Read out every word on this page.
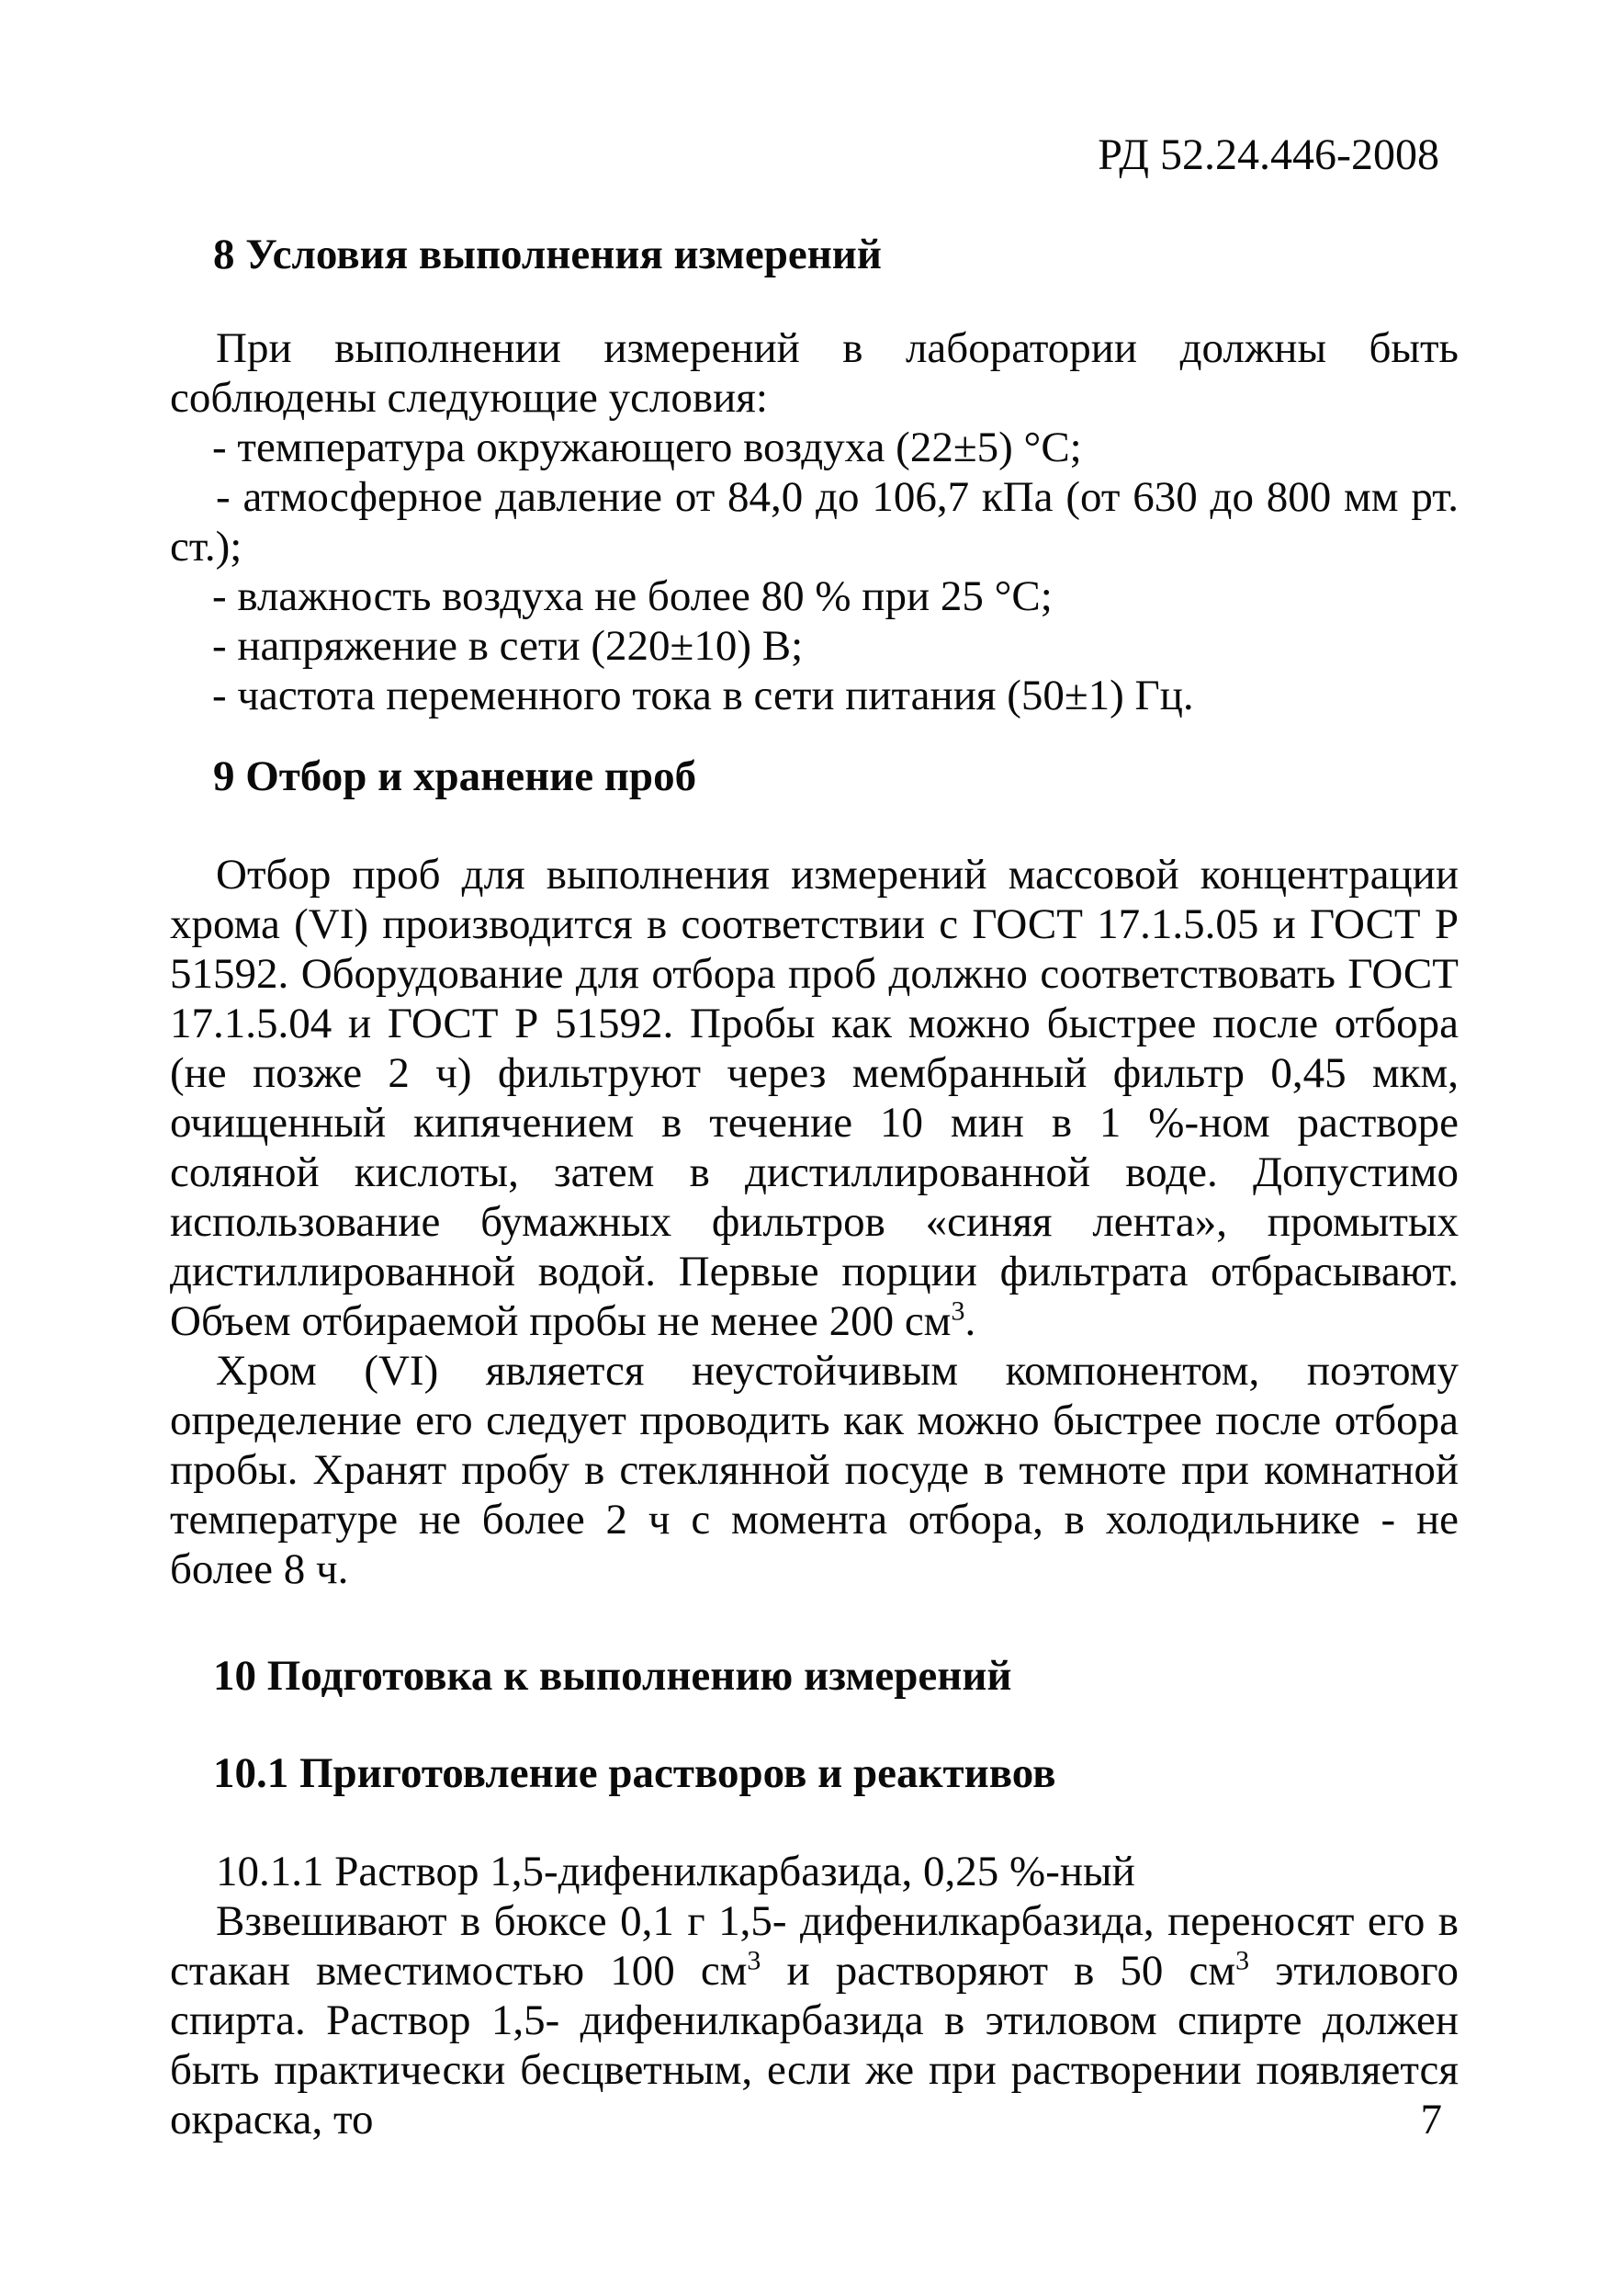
РД 52.24.446-2008
8 Условия выполнения измерений

При выполнении измерений в лаборатории должны быть соблюдены следующие условия:

- температура окружающего воздуха (22±5) °С;

- атмосферное давление от 84,0 до 106,7 кПа (от 630 до 800 мм рт. ст.);

- влажность воздуха не более 80 % при 25 °С;

- напряжение в сети (220±10) В;

- частота переменного тока в сети питания (50±1) Гц.

9 Отбор и хранение проб

Отбор проб для выполнения измерений массовой концентрации хрома (VI) производится в соответствии с ГОСТ 17.1.5.05 и ГОСТ Р 51592. Оборудование для отбора проб должно соответствовать ГОСТ 17.1.5.04 и ГОСТ Р 51592. Пробы как можно быстрее после отбора (не позже 2 ч) фильтруют через мембранный фильтр 0,45 мкм, очищенный кипячением в течение 10 мин в 1 %-ном растворе соляной кислоты, затем в дистиллированной воде. Допустимо использование бумажных фильтров «синяя лента», промытых дистиллированной водой. Первые порции фильтрата отбрасывают. Объем отбираемой пробы не менее 200 $см^3$.

Хром (VI) является неустойчивым компонентом, поэтому определение его следует проводить как можно быстрее после отбора пробы. Хранят пробу в стеклянной посуде в темноте при комнатной температуре не более 2 ч с момента отбора, в холодильнике - не более 8 ч.

10 Подготовка к выполнению измерений
10.1 Приготовление растворов и реактивов

10.1.1 Раствор 1,5-дифенилкарбазида, 0,25 %-ный

Взвешивают в бюксе 0,1 г 1,5- дифенилкарбазида, переносят его в стакан вместимостью 100 $см^3$ и растворяют в 50 $см^3$ этилового спирта. Раствор 1,5- дифенилкарбазида в этиловом спирте должен быть практически бесцветным, если же при растворении появляется окраска, то	7
